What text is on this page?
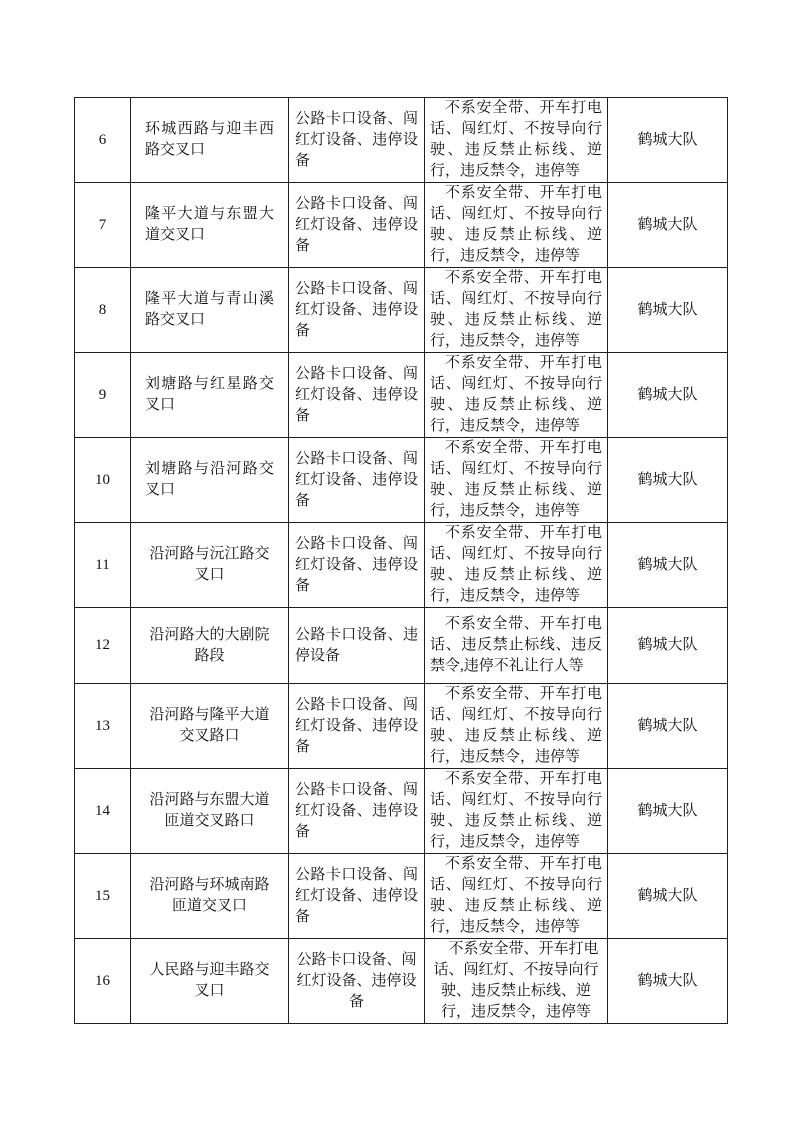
6	环城西路与迎丰西路交叉口	公路卡口设备、闯红灯设备、违停设备	不系安全带、开车打电话、闯红灯、不按导向行驶、违反禁止标线、逆行，违反禁令，违停等	鹤城大队
7	隆平大道与东盟大道交叉口	公路卡口设备、闯红灯设备、违停设备	不系安全带、开车打电话、闯红灯、不按导向行驶、违反禁止标线、逆行，违反禁令，违停等	鹤城大队
8	隆平大道与青山溪路交叉口	公路卡口设备、闯红灯设备、违停设备	不系安全带、开车打电话、闯红灯、不按导向行驶、违反禁止标线、逆行，违反禁令，违停等	鹤城大队
9	刘塘路与红星路交叉口	公路卡口设备、闯红灯设备、违停设备	不系安全带、开车打电话、闯红灯、不按导向行驶、违反禁止标线、逆行，违反禁令，违停等	鹤城大队
10	刘塘路与沿河路交叉口	公路卡口设备、闯红灯设备、违停设备	不系安全带、开车打电话、闯红灯、不按导向行驶、违反禁止标线、逆行，违反禁令，违停等	鹤城大队
11	沿河路与沅江路交叉口	公路卡口设备、闯红灯设备、违停设备	不系安全带、开车打电话、闯红灯、不按导向行驶、违反禁止标线、逆行，违反禁令，违停等	鹤城大队
12	沿河路大的大剧院路段	公路卡口设备、违停设备	不系安全带、开车打电话、违反禁止标线、违反禁令,违停不礼让行人等	鹤城大队
13	沿河路与隆平大道交叉路口	公路卡口设备、闯红灯设备、违停设备	不系安全带、开车打电话、闯红灯、不按导向行驶、违反禁止标线、逆行，违反禁令，违停等	鹤城大队
14	沿河路与东盟大道匝道交叉路口	公路卡口设备、闯红灯设备、违停设备	不系安全带、开车打电话、闯红灯、不按导向行驶、违反禁止标线、逆行，违反禁令，违停等	鹤城大队
15	沿河路与环城南路匝道交叉口	公路卡口设备、闯红灯设备、违停设备	不系安全带、开车打电话、闯红灯、不按导向行驶、违反禁止标线、逆行，违反禁令，违停等	鹤城大队
16	人民路与迎丰路交叉口	公路卡口设备、闯红灯设备、违停设备	不系安全带、开车打电话、闯红灯、不按导向行驶、违反禁止标线、逆行，违反禁令，违停等	鹤城大队
